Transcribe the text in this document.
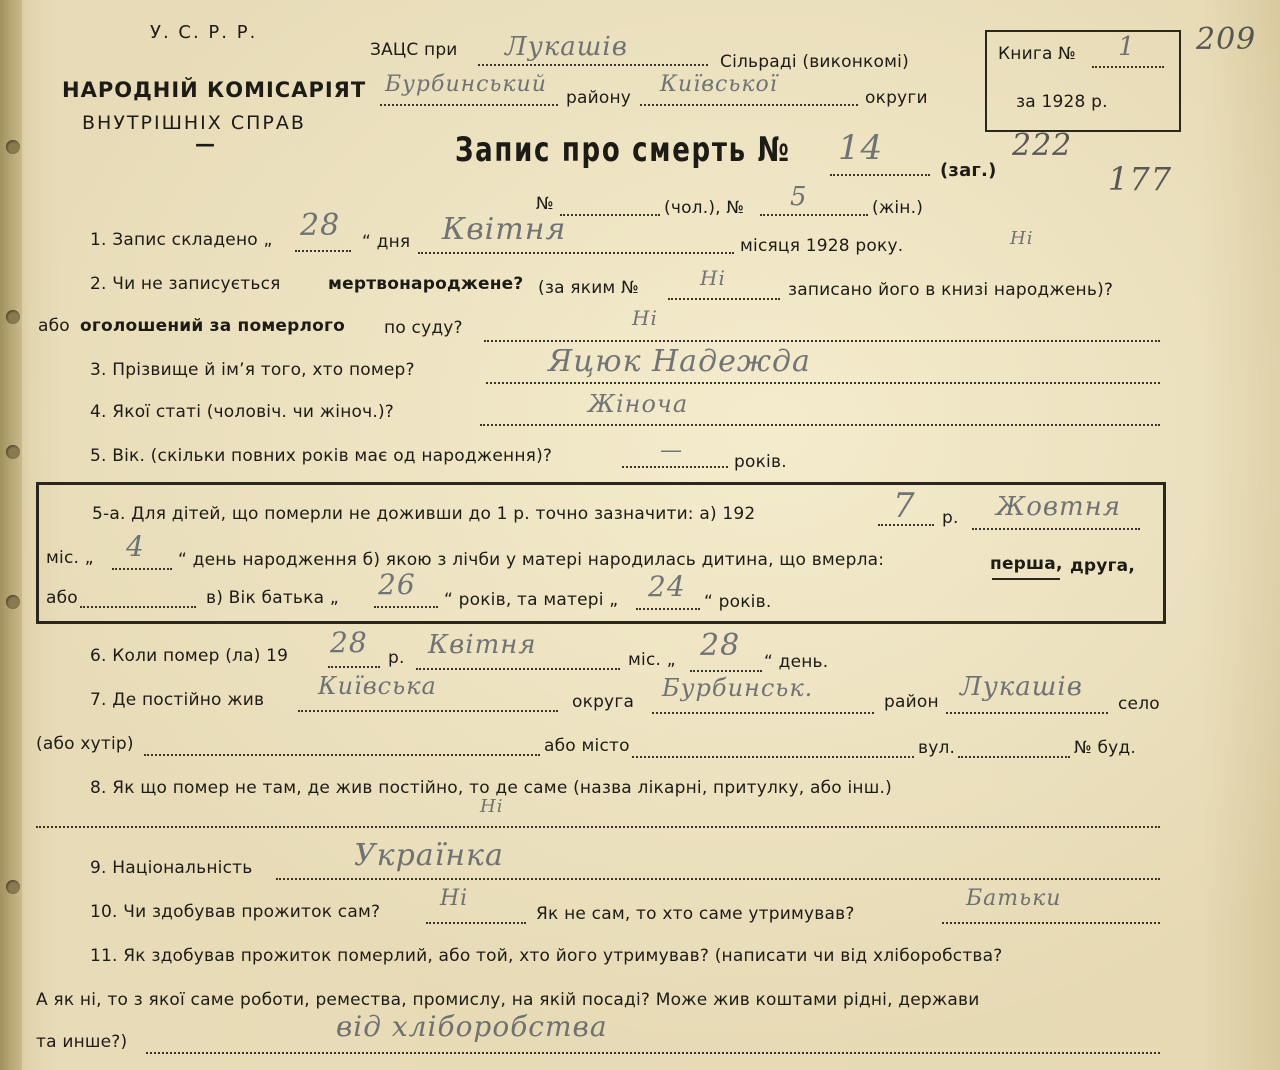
У. С. Р. Р.
НАРОДНІЙ КОМІСАРІЯТ
ВНУТРІШНІХ СПРАВ
—
ЗАЦС при Лукашів	Сільраді (виконкомі)
Бурбинський
району
Київської
округи
Книга № 1
за 1928 р.
209
Запис про смерть № 14
(заг.)
222
177
№	(чол.), № 5	(жін.)
1. Запис складено „ 28 “ дня Квітня	місяця 1928 року.	Ні
2. Чи не записується	мертвонароджене? (за яким №	Ні	записано його в книзі народжень)?
або оголошений за померлого по суду?	Ні
3. Прізвище й ім’я того, хто помер?	Яцюк Надежда
4. Якої статі (чоловіч. чи жіноч.)?	Жіноча
5. Вік. (скільки повних років має од народження)?	—	років.
5-а. Для дітей, що померли не доживши до 1 р. точно зазначити: а) 192	7 р. Жовтня
міс. „ 4 “ день народження б) якою з лічби у матері народилась дитина, що вмерла:	перша, друга,
або	в) Вік батька „ 26 “ років, та матері „ 24 “ років.
6. Коли помер (ла) 19 28 р. Квітня	міс. „ 28 “ день.
7. Де постійно жив Київська
округа Бурбинськ.	район Лукашів
село
(або хутір)	або місто	вул.	№ буд.
8. Як що помер не там, де жив постійно, то де саме (назва лікарні, притулку, або інш.)
Ні
9. Національність	Українка
10. Чи здобував прожиток сам?
Ні
Як не сам, то хто саме утримував?
Батьки
11. Як здобував прожиток померлий, або той, хто його утримував? (написати чи від хліборобства?
А як ні, то з якої саме роботи, ремества, промислу, на якій посаді? Може жив коштами рідні, держави
та инше?)	від хліборобства
